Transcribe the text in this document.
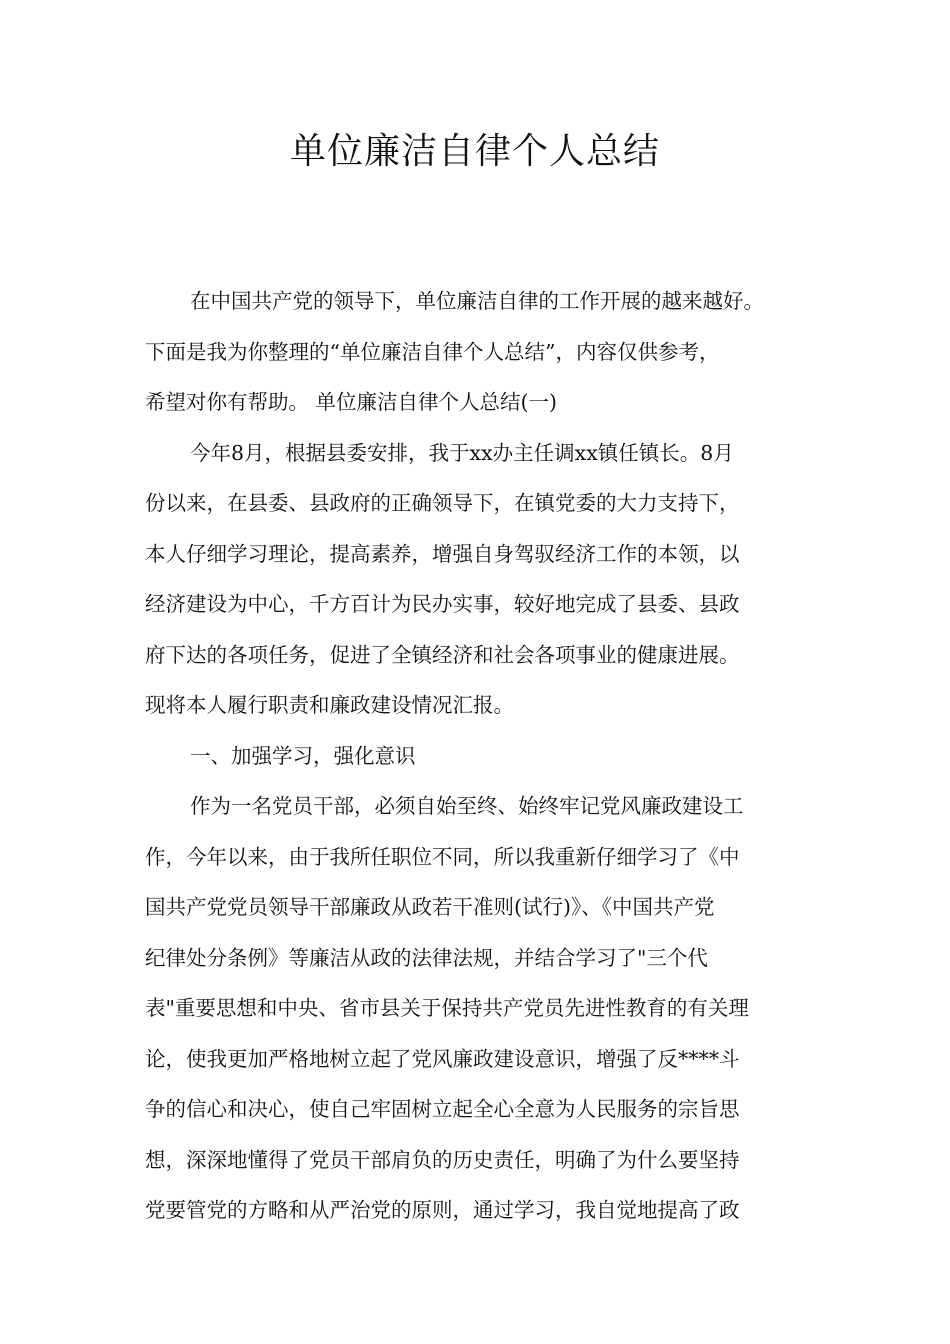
单位廉洁自律个人总结
在中国共产党的领导下，单位廉洁自律的工作开展的越来越好。
下面是我为你整理的“单位廉洁自律个人总结”，内容仅供参考，
希望对你有帮助。 单位廉洁自律个人总结(一)
今年8月，根据县委安排，我于xx办主任调xx镇任镇长。8月
份以来，在县委、县政府的正确领导下，在镇党委的大力支持下，
本人仔细学习理论，提高素养，增强自身驾驭经济工作的本领，以
经济建设为中心，千方百计为民办实事，较好地完成了县委、县政
府下达的各项任务，促进了全镇经济和社会各项事业的健康进展。
现将本人履行职责和廉政建设情况汇报。
一、加强学习，强化意识
作为一名党员干部，必须自始至终、始终牢记党风廉政建设工
作，今年以来，由于我所任职位不同，所以我重新仔细学习了《中
国共产党党员领导干部廉政从政若干准则(试行)》、《中国共产党
纪律处分条例》等廉洁从政的法律法规，并结合学习了"三个代
表"重要思想和中央、省市县关于保持共产党员先进性教育的有关理
论，使我更加严格地树立起了党风廉政建设意识，增强了反****斗
争的信心和决心，使自己牢固树立起全心全意为人民服务的宗旨思
想，深深地懂得了党员干部肩负的历史责任，明确了为什么要坚持
党要管党的方略和从严治党的原则，通过学习，我自觉地提高了政
